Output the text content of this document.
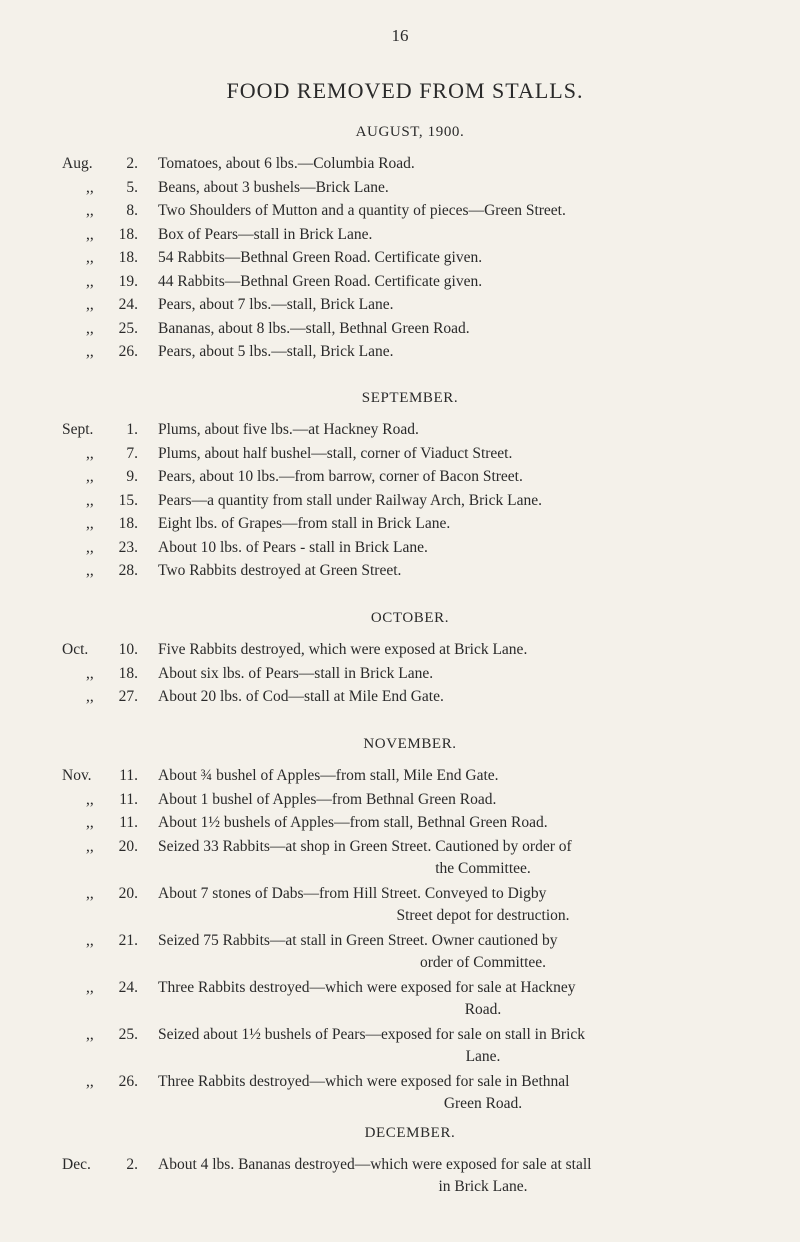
16
FOOD REMOVED FROM STALLS.
AUGUST, 1900.
Aug.	2. Tomatoes, about 6 lbs.—Columbia Road.
,,	5. Beans, about 3 bushels—Brick Lane.
,,	8. Two Shoulders of Mutton and a quantity of pieces—Green Street.
,,	18. Box of Pears—stall in Brick Lane.
,,	18. 54 Rabbits—Bethnal Green Road. Certificate given.
,,	19. 44 Rabbits—Bethnal Green Road. Certificate given.
,,	24. Pears, about 7 lbs.—stall, Brick Lane.
,,	25. Bananas, about 8 lbs.—stall, Bethnal Green Road.
,,	26. Pears, about 5 lbs.—stall, Brick Lane.
SEPTEMBER.
Sept.	1. Plums, about five lbs.—at Hackney Road.
,,	7. Plums, about half bushel—stall, corner of Viaduct Street.
,,	9. Pears, about 10 lbs.—from barrow, corner of Bacon Street.
,,	15. Pears—a quantity from stall under Railway Arch, Brick Lane.
,,	18. Eight lbs. of Grapes—from stall in Brick Lane.
,,	23. About 10 lbs. of Pears - stall in Brick Lane.
,,	28. Two Rabbits destroyed at Green Street.
OCTOBER.
Oct.	10. Five Rabbits destroyed, which were exposed at Brick Lane.
,,	18. About six lbs. of Pears—stall in Brick Lane.
,,	27. About 20 lbs. of Cod—stall at Mile End Gate.
NOVEMBER.
Nov.	11. About ¾ bushel of Apples—from stall, Mile End Gate.
,,	11. About 1 bushel of Apples—from Bethnal Green Road.
,,	11. About 1½ bushels of Apples—from stall, Bethnal Green Road.
,,	20. Seized 33 Rabbits—at shop in Green Street. Cautioned by order of
the Committee.
,,	20. About 7 stones of Dabs—from Hill Street. Conveyed to Digby
Street depot for destruction.
,,	21. Seized 75 Rabbits—at stall in Green Street. Owner cautioned by
order of Committee.
,,	24. Three Rabbits destroyed—which were exposed for sale at Hackney
Road.
,,	25. Seized about 1½ bushels of Pears—exposed for sale on stall in Brick
Lane.
,,	26. Three Rabbits destroyed—which were exposed for sale in Bethnal
Green Road.
DECEMBER.
Dec.	2. About 4 lbs. Bananas destroyed—which were exposed for sale at stall
in Brick Lane.
